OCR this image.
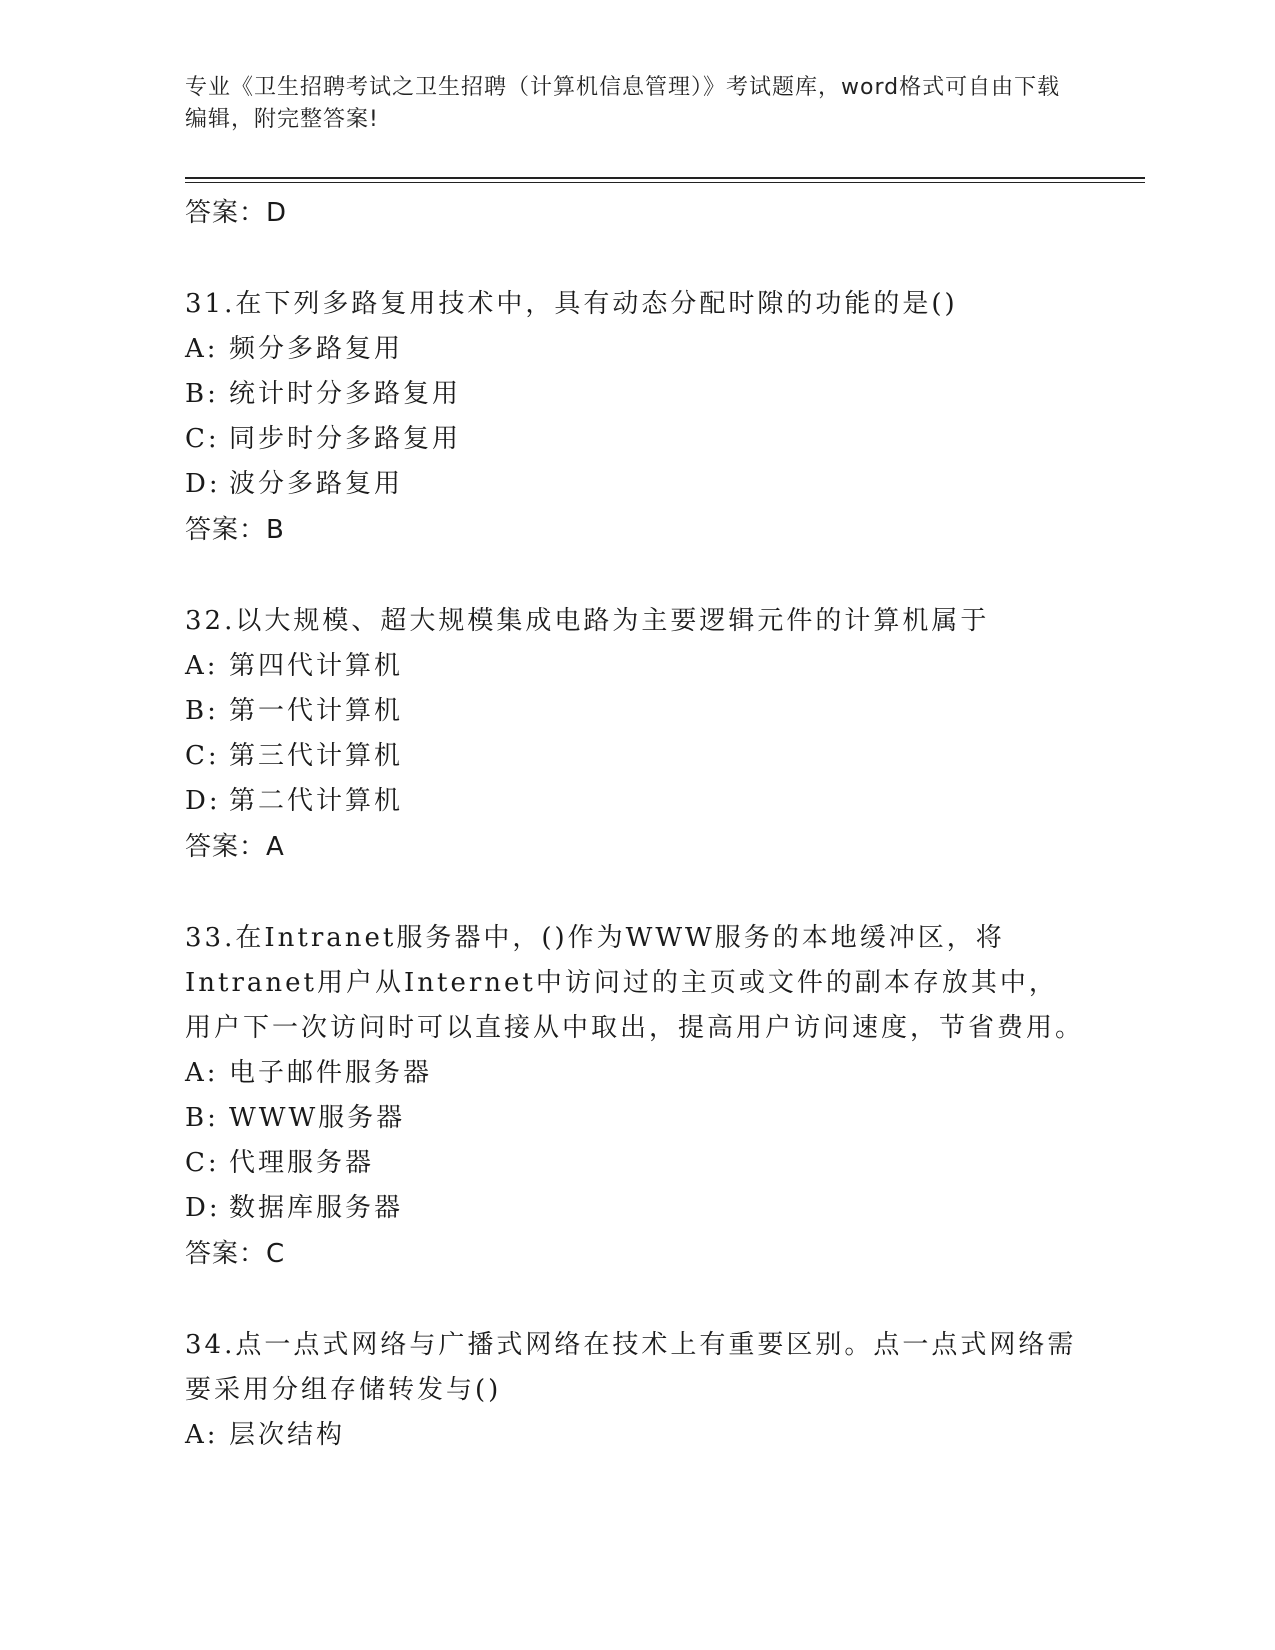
专业《卫生招聘考试之卫生招聘（计算机信息管理）》考试题库，word格式可自由下载编辑，附完整答案!

答案：D

31.在下列多路复用技术中，具有动态分配时隙的功能的是()

A: 频分多路复用

B: 统计时分多路复用

C: 同步时分多路复用

D: 波分多路复用

答案：B

32.以大规模、超大规模集成电路为主要逻辑元件的计算机属于

A: 第四代计算机

B: 第一代计算机

C: 第三代计算机

D: 第二代计算机

答案：A

33.在Intranet服务器中，()作为WWW服务的本地缓冲区，将Intranet用户从Internet中访问过的主页或文件的副本存放其中，用户下一次访问时可以直接从中取出，提高用户访问速度，节省费用。

A: 电子邮件服务器

B: WWW服务器

C: 代理服务器

D: 数据库服务器

答案：C

34.点一点式网络与广播式网络在技术上有重要区别。点一点式网络需要采用分组存储转发与()

A: 层次结构
